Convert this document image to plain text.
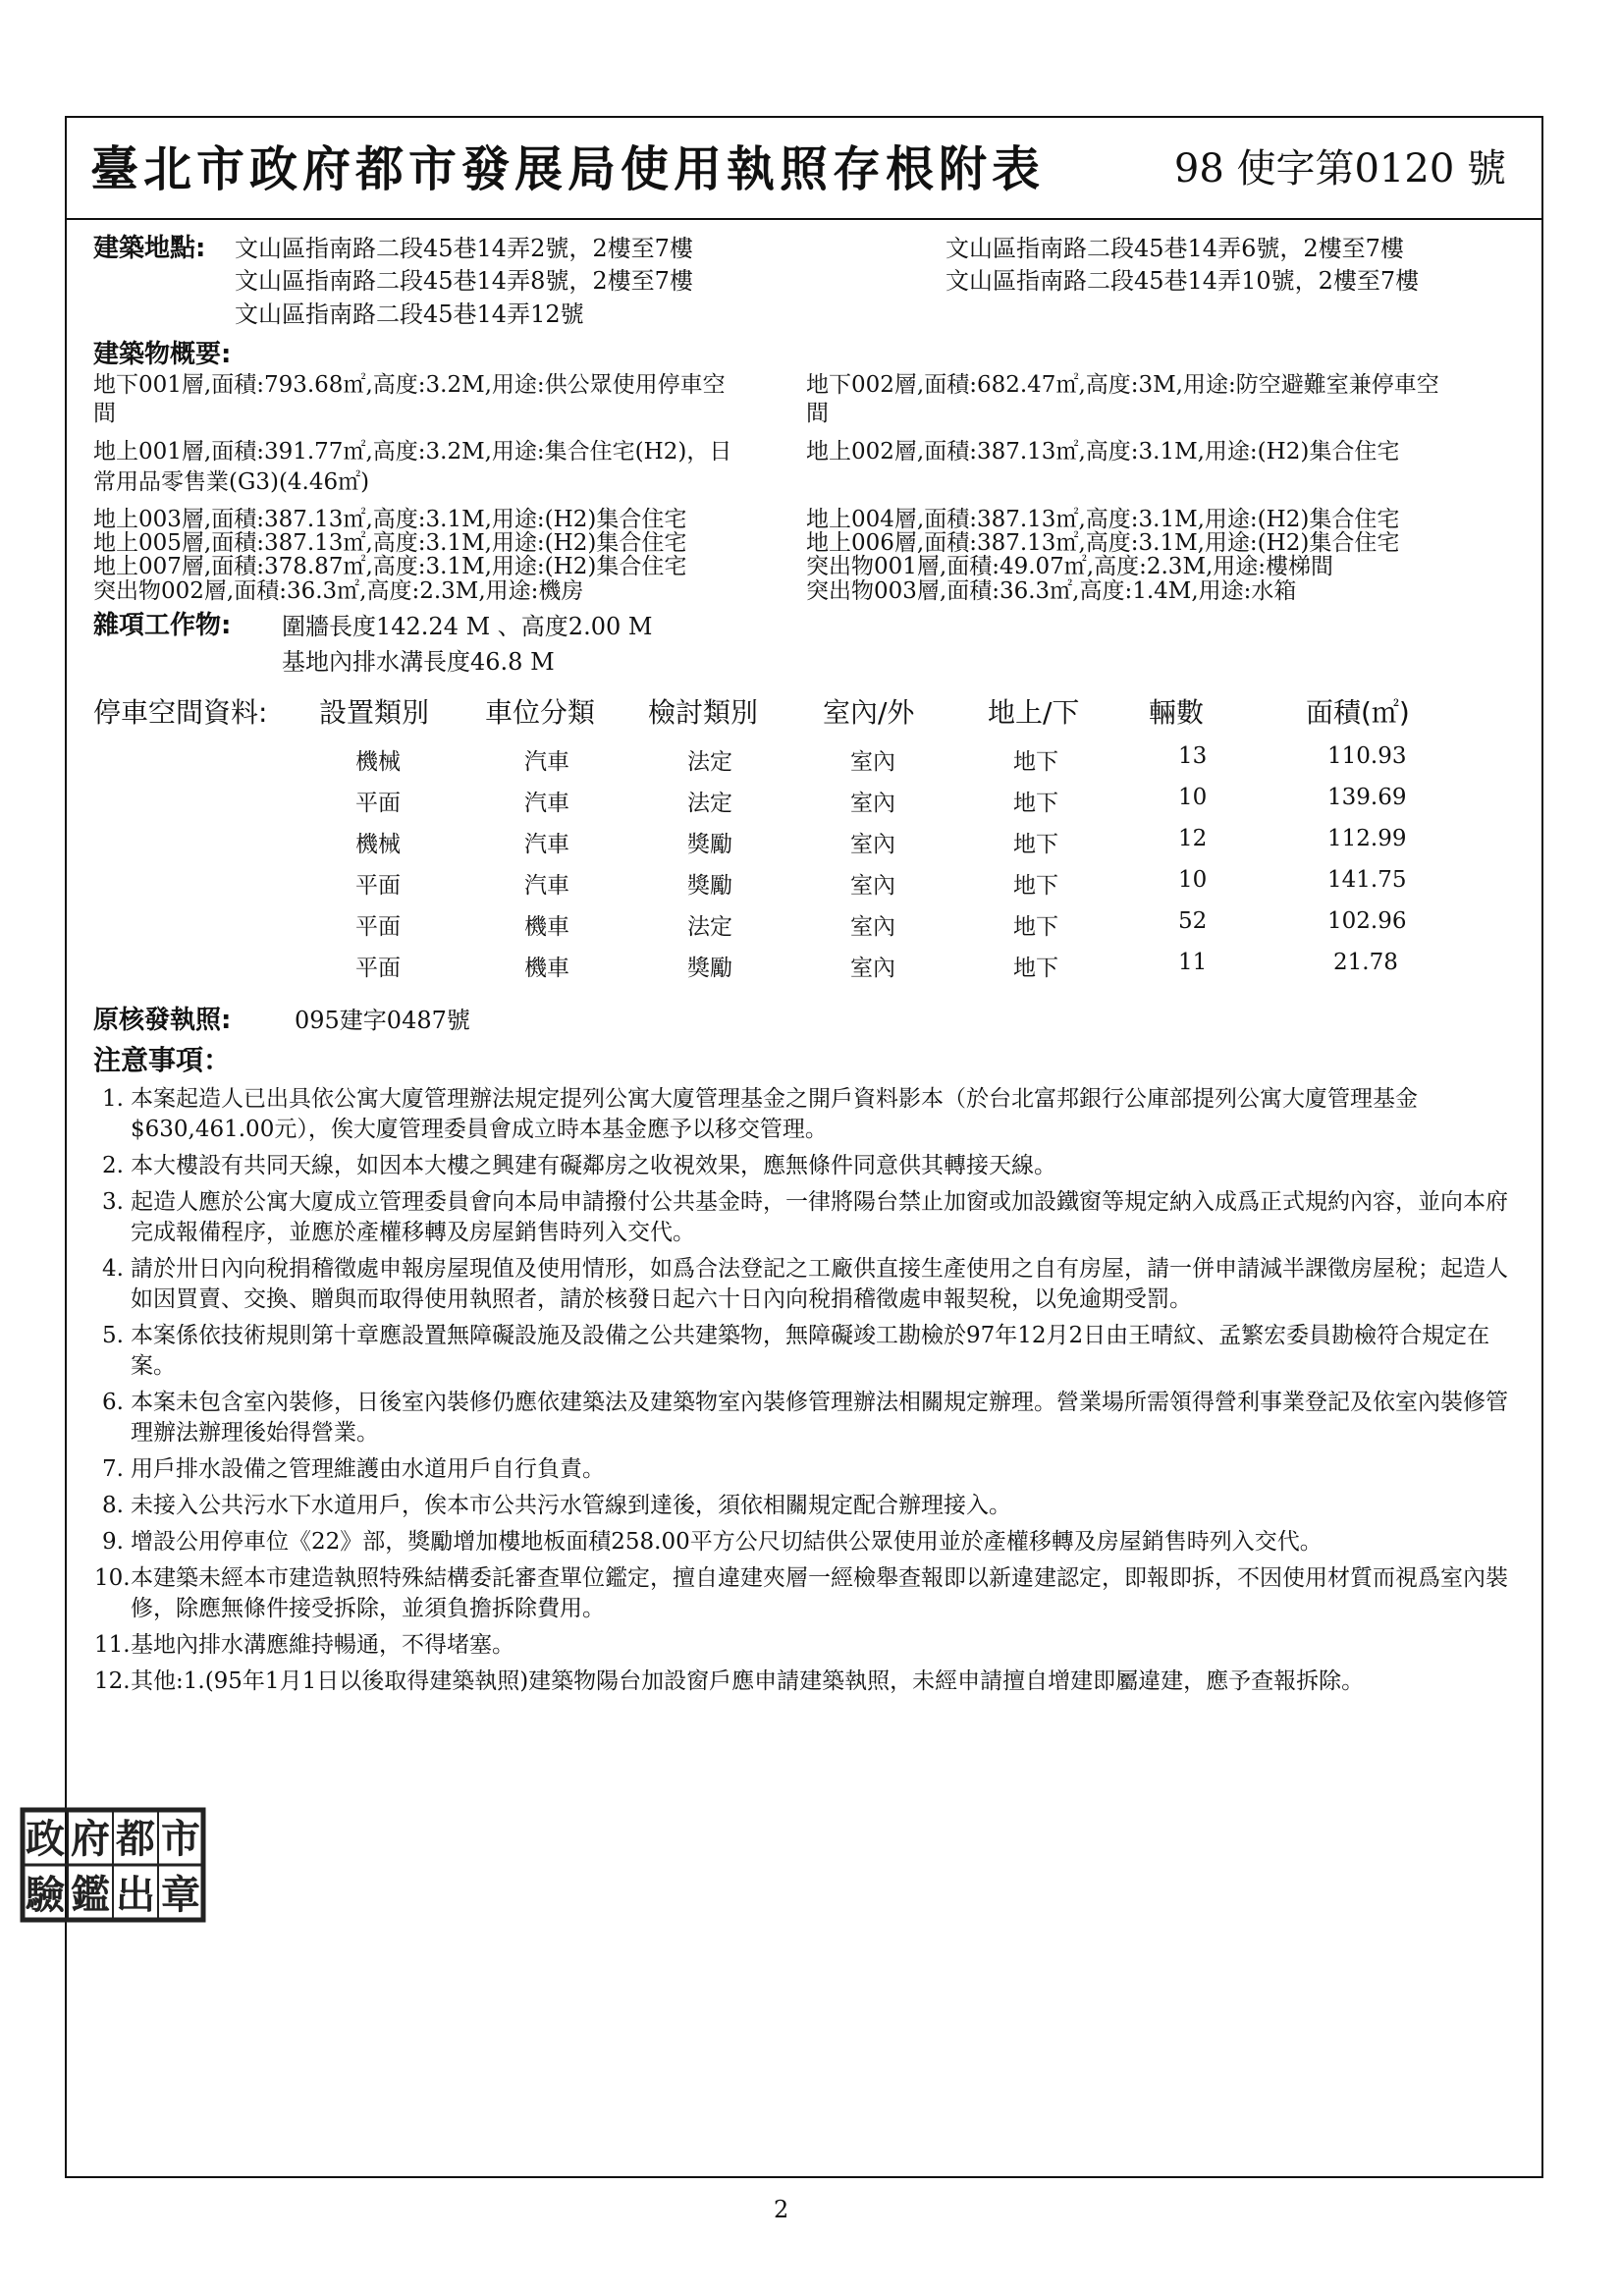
臺北市政府都市發展局使用執照存根附表	98 使字第0120 號
建築地點: 文山區指南路二段45巷14弄2號，2樓至7樓
文山區指南路二段45巷14弄8號，2樓至7樓
文山區指南路二段45巷14弄12號
文山區指南路二段45巷14弄6號，2樓至7樓
文山區指南路二段45巷14弄10號，2樓至7樓
建築物概要:
地下001層,面積:793.68㎡,高度:3.2M,用途:供公眾使用停車空
間
地上001層,面積:391.77㎡,高度:3.2M,用途:集合住宅(H2)，日
常用品零售業(G3)(4.46㎡)
地上003層,面積:387.13㎡,高度:3.1M,用途:(H2)集合住宅
地上005層,面積:387.13㎡,高度:3.1M,用途:(H2)集合住宅
地上007層,面積:378.87㎡,高度:3.1M,用途:(H2)集合住宅
突出物002層,面積:36.3㎡,高度:2.3M,用途:機房
地下002層,面積:682.47㎡,高度:3M,用途:防空避難室兼停車空
間
地上002層,面積:387.13㎡,高度:3.1M,用途:(H2)集合住宅
地上004層,面積:387.13㎡,高度:3.1M,用途:(H2)集合住宅
地上006層,面積:387.13㎡,高度:3.1M,用途:(H2)集合住宅
突出物001層,面積:49.07㎡,高度:2.3M,用途:樓梯間
突出物003層,面積:36.3㎡,高度:1.4M,用途:水箱
雜項工作物: 圍牆長度142.24 M 、高度2.00 M
基地內排水溝長度46.8 M
停車空間資料: 設置類別 車位分類 檢討類別 室內/外	地上/下	輛數	面積(㎡)
機械	汽車	法定	室內	地下	13	110.93
平面	汽車	法定	室內	地下	10	139.69
機械	汽車	獎勵	室內	地下	12	112.99
平面	汽車	獎勵	室內	地下	10	141.75
平面	機車	法定	室內	地下	52	102.96
平面	機車	獎勵	室內	地下	11	21.78
原核發執照:	095建字0487號
注意事項：
1. 本案起造人已出具依公寓大廈管理辦法規定提列公寓大廈管理基金之開戶資料影本（於台北富邦銀行公庫部提列公寓大廈管理基金$630,461.00元），俟大廈管理委員會成立時本基金應予以移交管理。
2. 本大樓設有共同天線，如因本大樓之興建有礙鄰房之收視效果，應無條件同意供其轉接天線。
3. 起造人應於公寓大廈成立管理委員會向本局申請撥付公共基金時，一律將陽台禁止加窗或加設鐵窗等規定納入成爲正式規約內容，並向本府完成報備程序，並應於產權移轉及房屋銷售時列入交代。
4. 請於卅日內向稅捐稽徵處申報房屋現值及使用情形，如爲合法登記之工廠供直接生產使用之自有房屋，請一併申請減半課徵房屋稅；起造人如因買賣、交換、贈與而取得使用執照者，請於核發日起六十日內向稅捐稽徵處申報契稅，以免逾期受罰。
5. 本案係依技術規則第十章應設置無障礙設施及設備之公共建築物，無障礙竣工勘檢於97年12月2日由王晴紋、孟繁宏委員勘檢符合規定在案。
6. 本案未包含室內裝修，日後室內裝修仍應依建築法及建築物室內裝修管理辦法相關規定辦理。營業場所需領得營利事業登記及依室內裝修管理辦法辦理後始得營業。
7. 用戶排水設備之管理維護由水道用戶自行負責。
8. 未接入公共污水下水道用戶，俟本市公共污水管線到達後，須依相關規定配合辦理接入。
9. 增設公用停車位《22》部，獎勵增加樓地板面積258.00平方公尺切結供公眾使用並於產權移轉及房屋銷售時列入交代。
10. 本建築未經本市建造執照特殊結構委託審查單位鑑定，擅自違建夾層一經檢舉查報即以新違建認定，即報即拆，不因使用材質而視爲室內裝修，除應無條件接受拆除，並須負擔拆除費用。
11. 基地內排水溝應維持暢通，不得堵塞。
12. 其他:1.(95年1月1日以後取得建築執照)建築物陽台加設窗戶應申請建築執照，未經申請擅自增建即屬違建，應予查報拆除。
政 府 都 市
驗 鑑 出 章
2
